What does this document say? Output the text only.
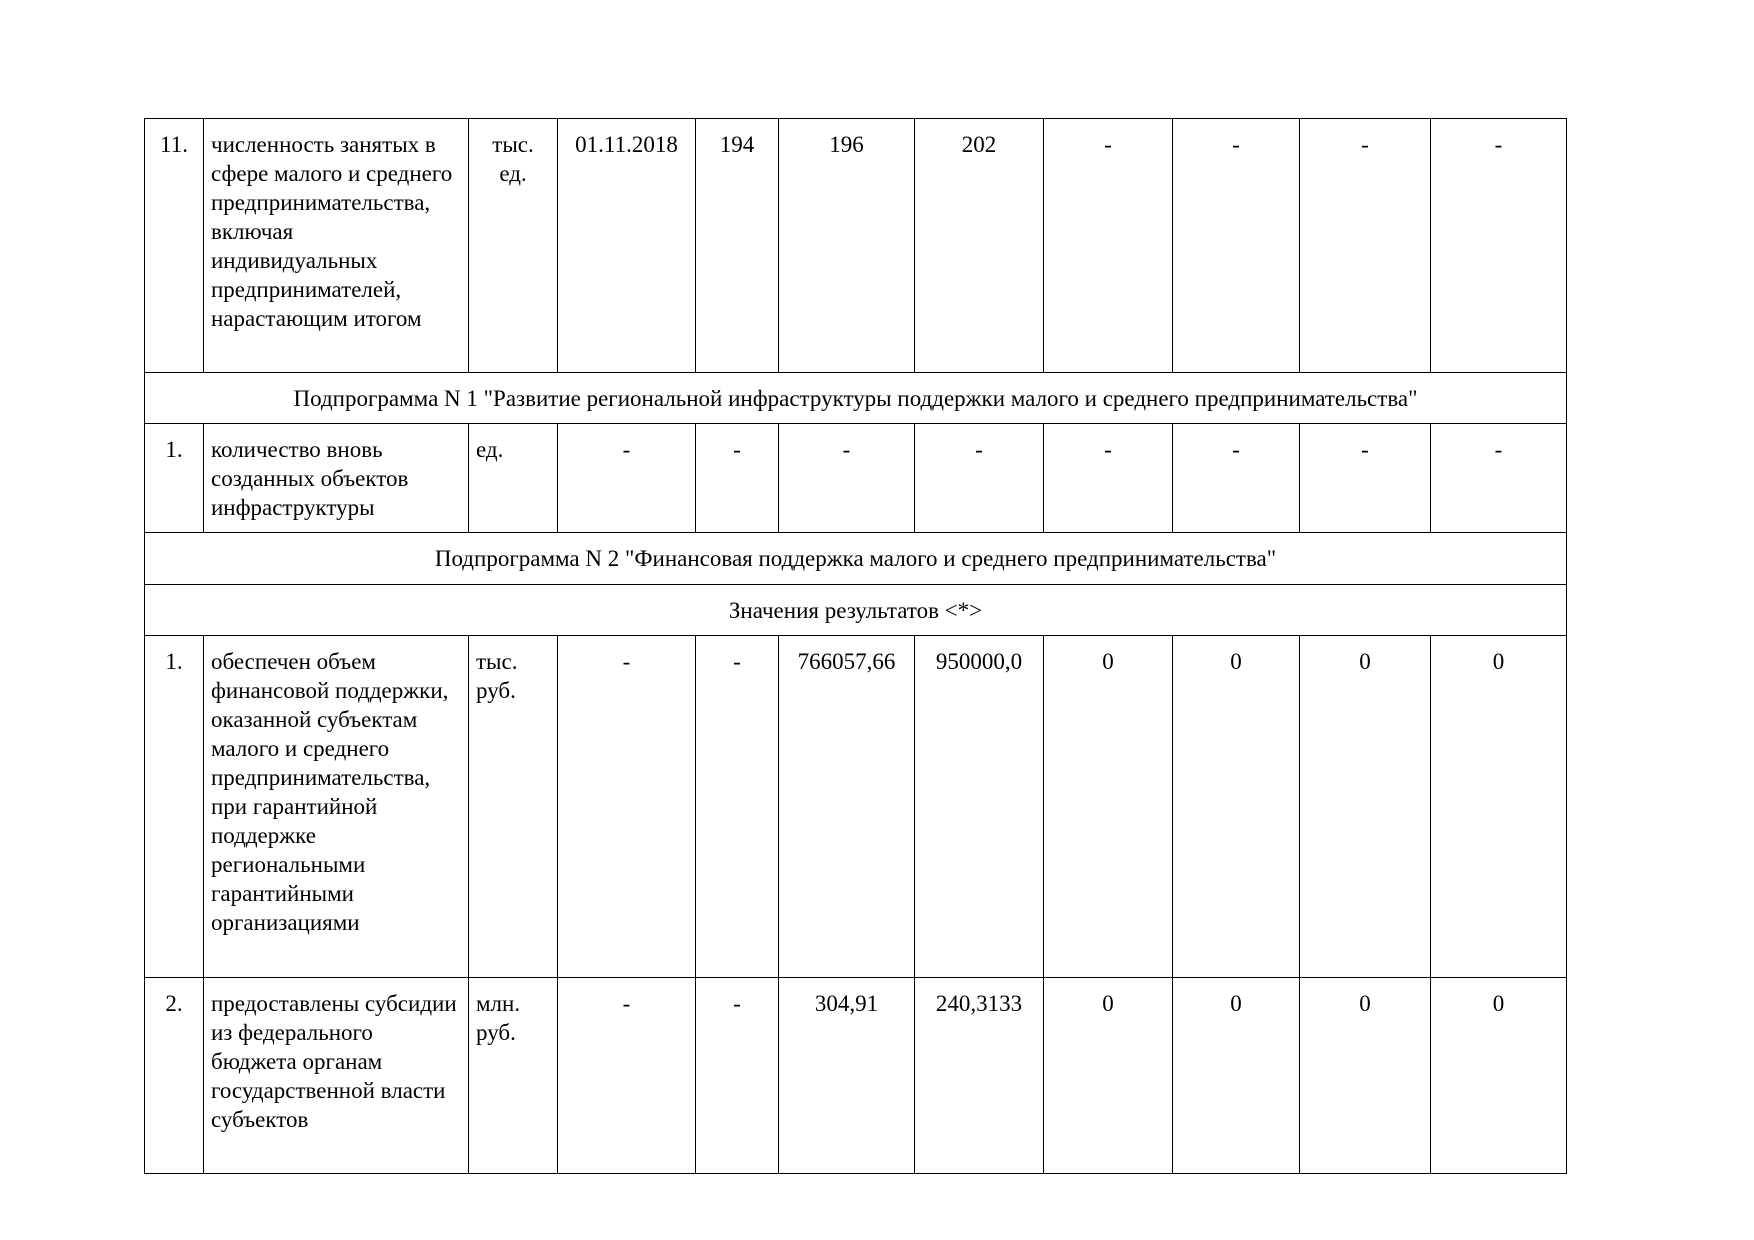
11.	численность занятых в сфере малого и среднего предпринимательства, включая индивидуальных предпринимателей, нарастающим итогом	тыс. ед.	01.11.2018	194	196	202	-	-	-	-
Подпрограмма N 1 "Развитие региональной инфраструктуры поддержки малого и среднего предпринимательства"										
1.	количество вновь созданных объектов инфраструктуры	ед.	-	-	-	-	-	-	-	-
Подпрограмма N 2 "Финансовая поддержка малого и среднего предпринимательства"										
Значения результатов <*>										
1.	обеспечен объем финансовой поддержки, оказанной субъектам малого и среднего предпринимательства, при гарантийной поддержке региональными гарантийными организациями	тыс. руб.	-	-	766057,66	950000,0	0	0	0	0
2.	предоставлены субсидии из федерального бюджета органам государственной власти субъектов	млн. руб.	-	-	304,91	240,3133	0	0	0	0
